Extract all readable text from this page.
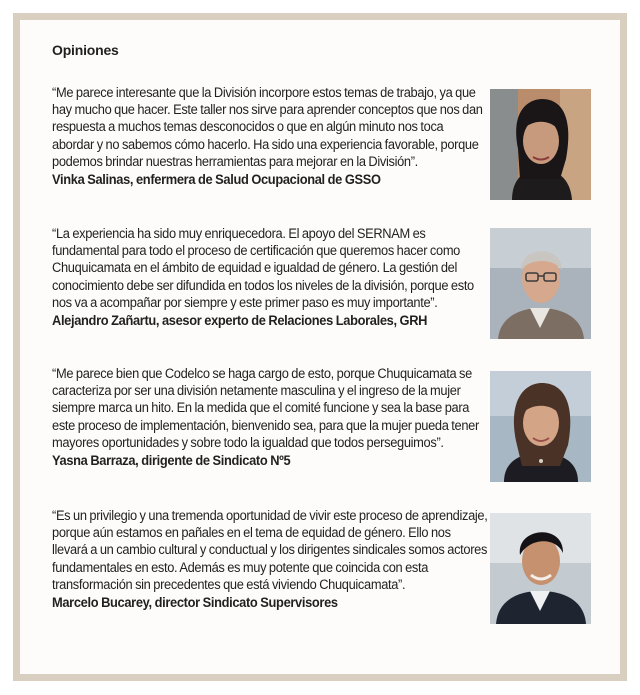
Opiniones
“Me parece interesante que la División incorpore estos temas de trabajo, ya que hay mucho que hacer. Este taller nos sirve para aprender conceptos que nos dan respuesta a muchos temas desconocidos o que en algún minuto nos toca abordar y no sabemos cómo hacerlo. Ha sido una experiencia favorable, porque podemos brindar nuestras herramientas para mejorar en la División”.
Vinka Salinas, enfermera de Salud Ocupacional de GSSO
“La experiencia ha sido muy enriquecedora. El apoyo del SERNAM es fundamental para todo el proceso de certificación que queremos hacer como Chuquicamata en el ámbito de equidad e igualdad de género. La gestión del conocimiento debe ser difundida en todos los niveles de la división, porque esto nos va a acompañar por siempre y este primer paso es muy importante”.
Alejandro Zañartu, asesor experto de Relaciones Laborales, GRH
“Me parece bien que Codelco se haga cargo de esto, porque Chuquicamata se caracteriza por ser una división netamente masculina y el ingreso de la mujer siempre marca un hito. En la medida que el comité funcione y sea la base para este proceso de implementación, bienvenido sea, para que la mujer pueda tener mayores oportunidades y sobre todo la igualdad que todos perseguimos”.
Yasna Barraza, dirigente de Sindicato Nº5
“Es un privilegio y una tremenda oportunidad de vivir este proceso de aprendizaje, porque aún estamos en pañales en el tema de equidad de género. Ello nos llevará a un cambio cultural y conductual y los dirigentes sindicales somos actores fundamentales en esto. Además es muy potente que coincida con esta transformación sin precedentes que está viviendo Chuquicamata”.
Marcelo Bucarey, director Sindicato Supervisores
